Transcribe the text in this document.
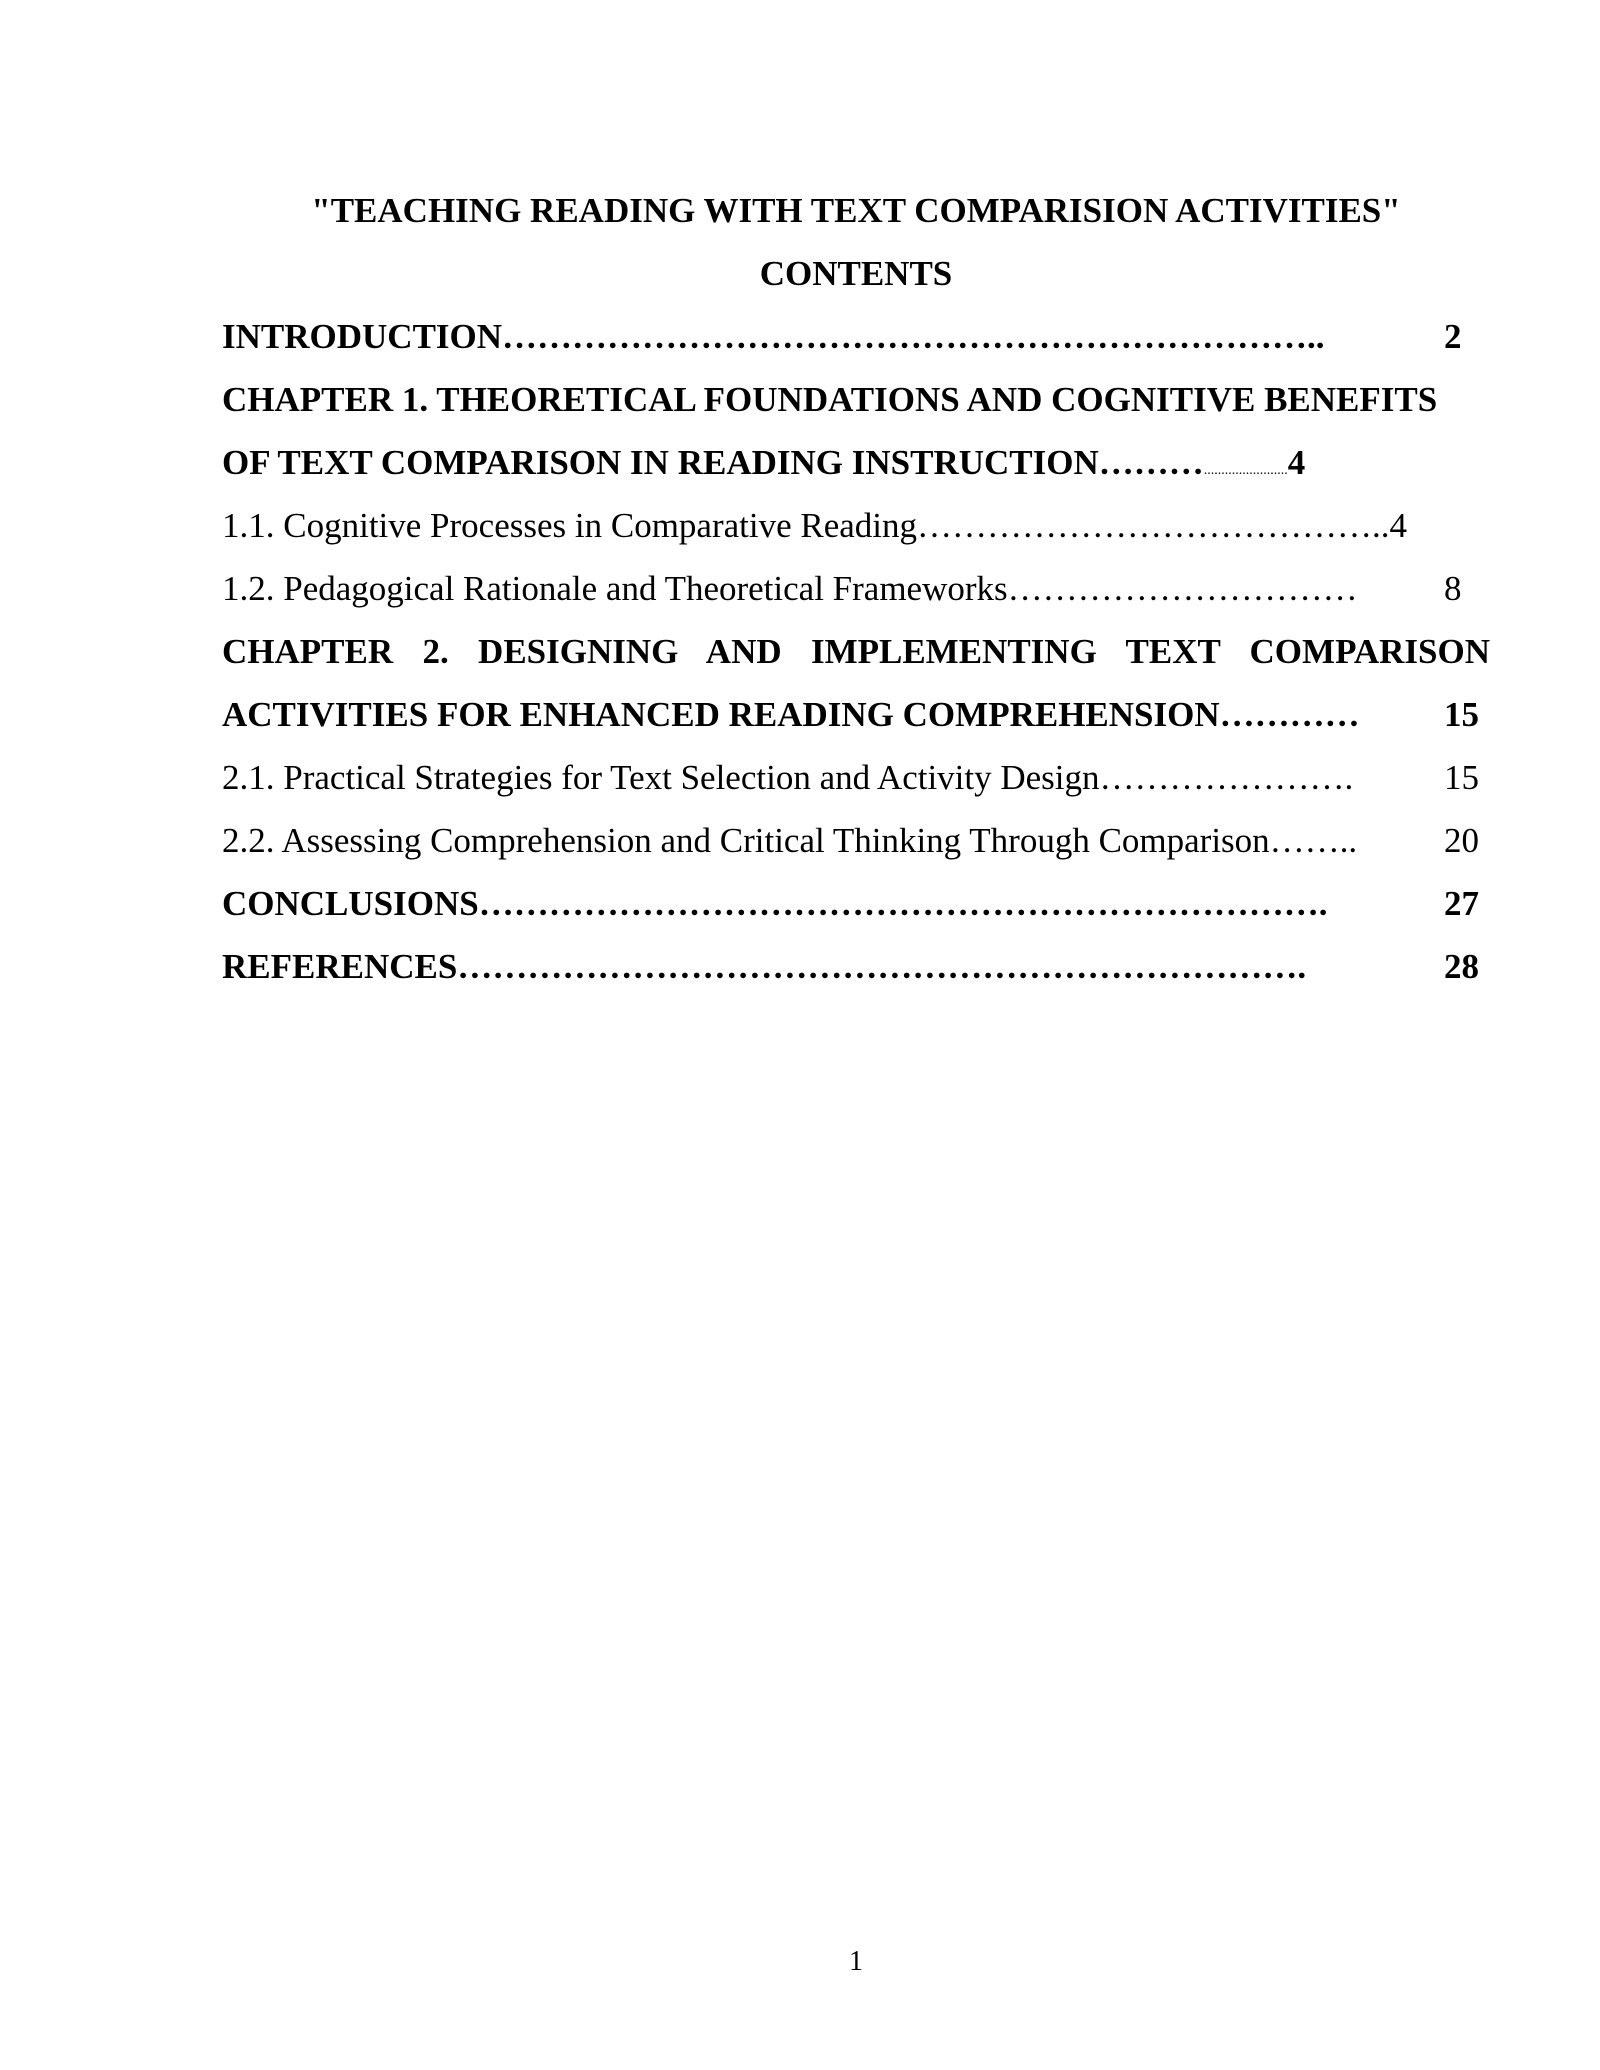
"TEACHING READING WITH TEXT COMPARISION ACTIVITIES"
CONTENTS
INTRODUCTION……………………………………………………………..	2
CHAPTER 1. THEORETICAL FOUNDATIONS AND COGNITIVE BENEFITS
OF TEXT COMPARISON IN READING INSTRUCTION………........................4
1.1. Cognitive Processes in Comparative Reading…………………………………..4
1.2. Pedagogical Rationale and Theoretical Frameworks………………………… 8
CHAPTER 2. DESIGNING AND IMPLEMENTING TEXT COMPARISON
ACTIVITIES FOR ENHANCED READING COMPREHENSION………… 15
2.1. Practical Strategies for Text Selection and Activity Design………………….	15
2.2. Assessing Comprehension and Critical Thinking Through Comparison…….. 20
CONCLUSIONS……………………………………………………………….	27
REFERENCES……………………………………………………………….	28
1
